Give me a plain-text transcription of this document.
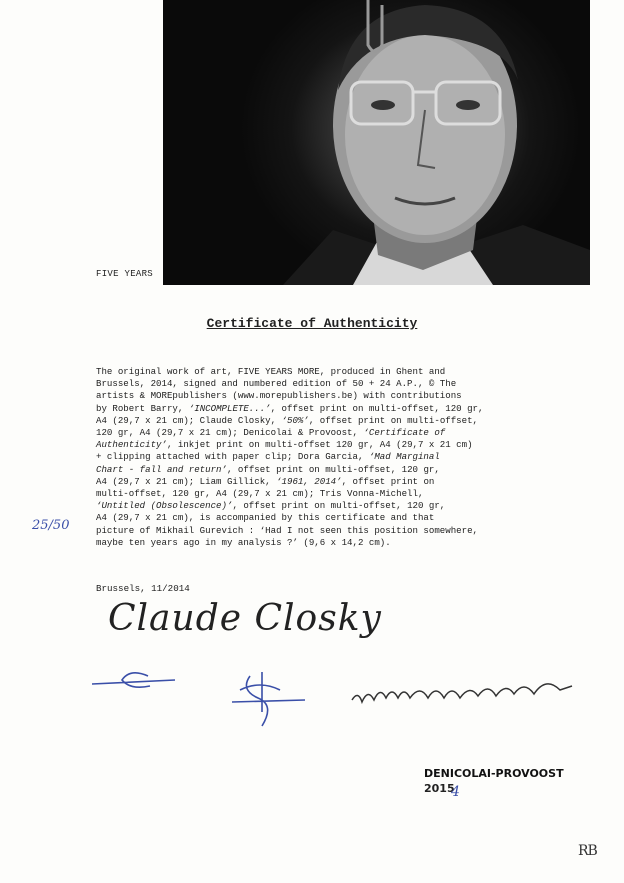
FIVE YEARS
Certificate of Authenticity
The original work of art, FIVE YEARS MORE, produced in Ghent and
Brussels, 2014, signed and numbered edition of 50 + 24 A.P., © The
artists & MOREpublishers (www.morepublishers.be) with contributions
by Robert Barry, ‘INCOMPLETE...’, offset print on multi-offset, 120 gr,
A4 (29,7 x 21 cm); Claude Closky, ‘50%’, offset print on multi-offset,
120 gr, A4 (29,7 x 21 cm); Denicolai & Provoost, ‘Certificate of
Authenticity’, inkjet print on multi-offset 120 gr, A4 (29,7 x 21 cm)
+ clipping attached with paper clip; Dora Garcia, ‘Mad Marginal
Chart - fall and return’, offset print on multi-offset, 120 gr,
A4 (29,7 x 21 cm); Liam Gillick, ‘1961, 2014’, offset print on
multi-offset, 120 gr, A4 (29,7 x 21 cm); Tris Vonna-Michell,
‘Untitled (Obsolescence)’, offset print on multi-offset, 120 gr,
A4 (29,7 x 21 cm), is accompanied by this certificate and that
picture of Mikhail Gurevich : ‘Had I not seen this position somewhere,
maybe ten years ago in my analysis ?’ (9,6 x 14,2 cm).
25/50
Brussels, 11/2014
Claude Closky
DENICOLAI-PROVOOST
2015
4
RB
